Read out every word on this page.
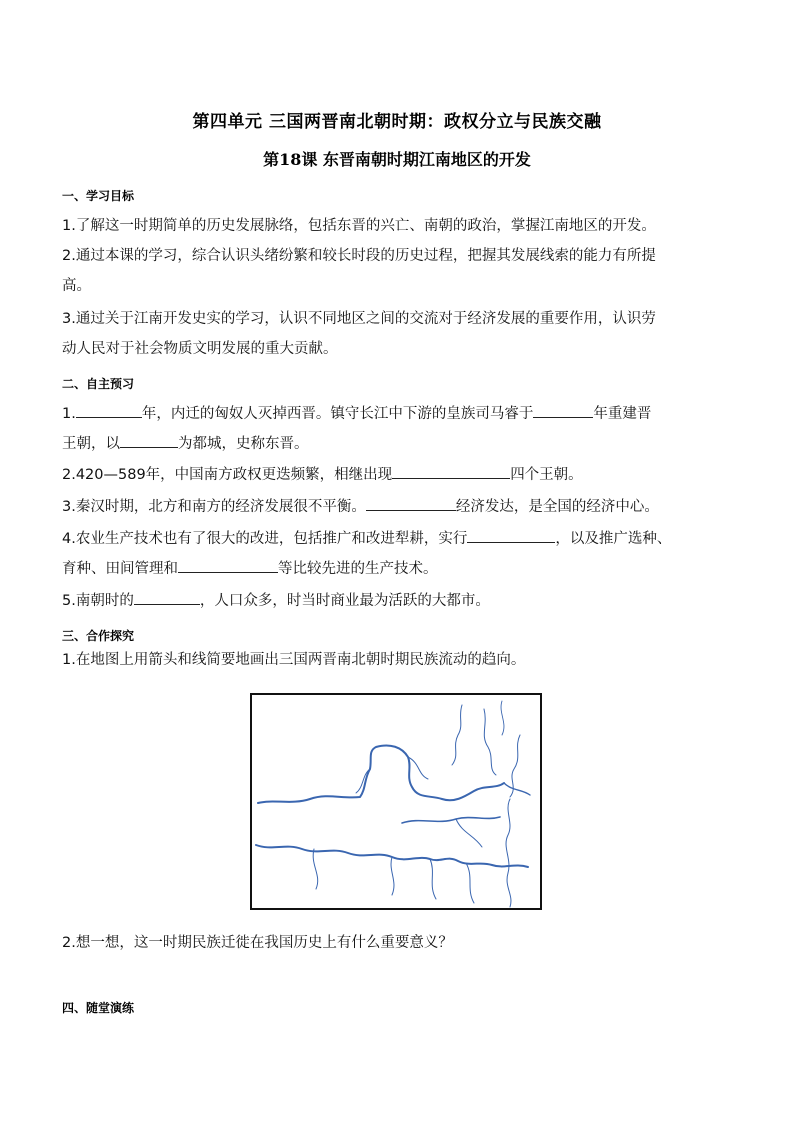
第四单元 三国两晋南北朝时期：政权分立与民族交融
第18课 东晋南朝时期江南地区的开发
一、学习目标
1.了解这一时期简单的历史发展脉络，包括东晋的兴亡、南朝的政治，掌握江南地区的开发。
2.通过本课的学习，综合认识头绪纷繁和较长时段的历史过程，把握其发展线索的能力有所提
高。
3.通过关于江南开发史实的学习，认识不同地区之间的交流对于经济发展的重要作用，认识劳
动人民对于社会物质文明发展的重大贡献。
二、自主预习
1.	年，内迁的匈奴人灭掉西晋。镇守长江中下游的皇族司马睿于	年重建晋
王朝，以	为都城，史称东晋。
2.420—589年，中国南方政权更迭频繁，相继出现	四个王朝。
3.秦汉时期，北方和南方的经济发展很不平衡。	经济发达，是全国的经济中心。
4.农业生产技术也有了很大的改进，包括推广和改进犁耕，实行	，以及推广选种、
育种、田间管理和	等比较先进的生产技术。
5.南朝时的	，人口众多，时当时商业最为活跃的大都市。
三、合作探究
1.在地图上用箭头和线简要地画出三国两晋南北朝时期民族流动的趋向。
2.想一想，这一时期民族迁徙在我国历史上有什么重要意义？
四、随堂演练
